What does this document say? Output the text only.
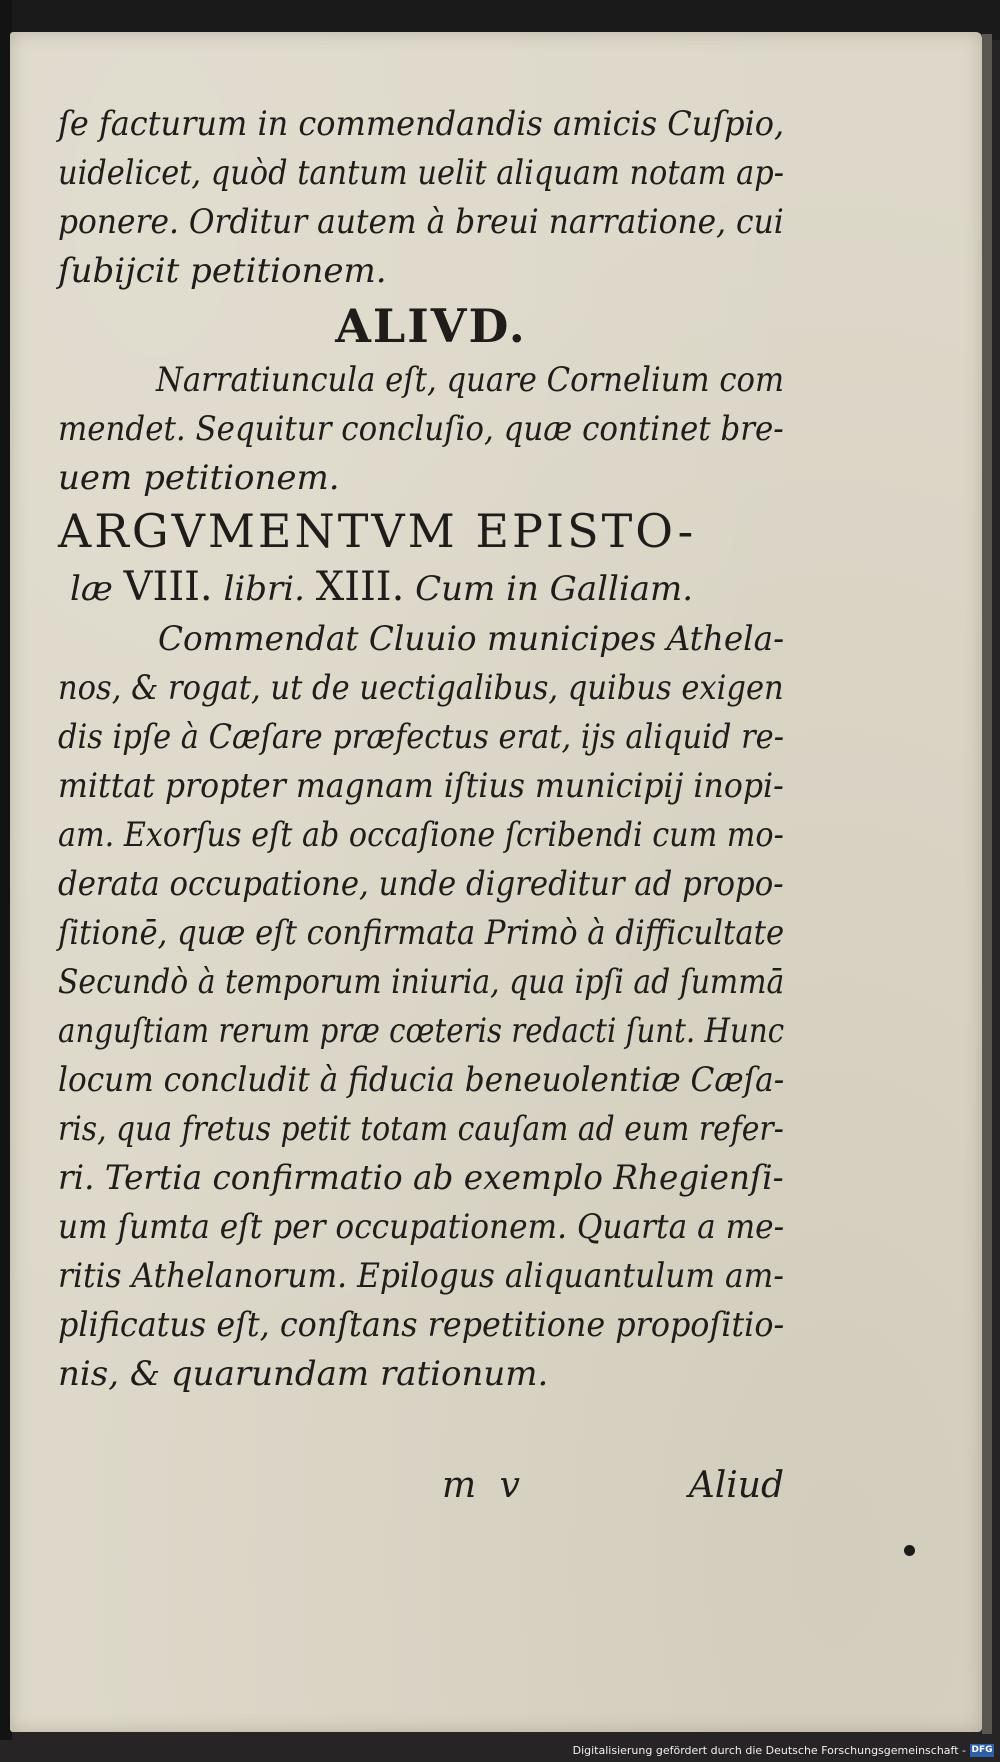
ſe facturum in commendandis amicis Cuſpio,
uidelicet, quòd tantum uelit aliquam notam ap-
ponere. Orditur autem à breui narratione, cui
ſubijcit petitionem.
ALIVD.
Narratiuncula eſt, quare Cornelium com
mendet. Sequitur concluſio, quæ continet bre-
uem petitionem.
ARGVMENTVM EPISTO-
læ VIII. libri. XIII. Cum in Galliam.
Commendat Cluuio municipes Athela-
nos, & rogat, ut de uectigalibus, quibus exigen
dis ipſe à Cæſare præfectus erat, ijs aliquid re-
mittat propter magnam iſtius municipij inopi-
am. Exorſus eſt ab occaſione ſcribendi cum mo-
derata occupatione, unde digreditur ad propo-
ſitionē, quæ eſt confirmata Primò à difficultate
Secundò à temporum iniuria, qua ipſi ad ſummā
anguſtiam rerum præ cœteris redacti ſunt. Hunc
locum concludit à fiducia beneuolentiæ Cæſa-
ris, qua fretus petit totam cauſam ad eum refer-
ri. Tertia confirmatio ab exemplo Rhegienſi-
um ſumta eſt per occupationem. Quarta a me-
ritis Athelanorum. Epilogus aliquantulum am-
plificatus eſt, conſtans repetitione propoſitio-
nis, & quarundam rationum.
m v	Aliud
Digitalisierung gefördert durch die Deutsche Forschungsgemeinschaft - DFG
